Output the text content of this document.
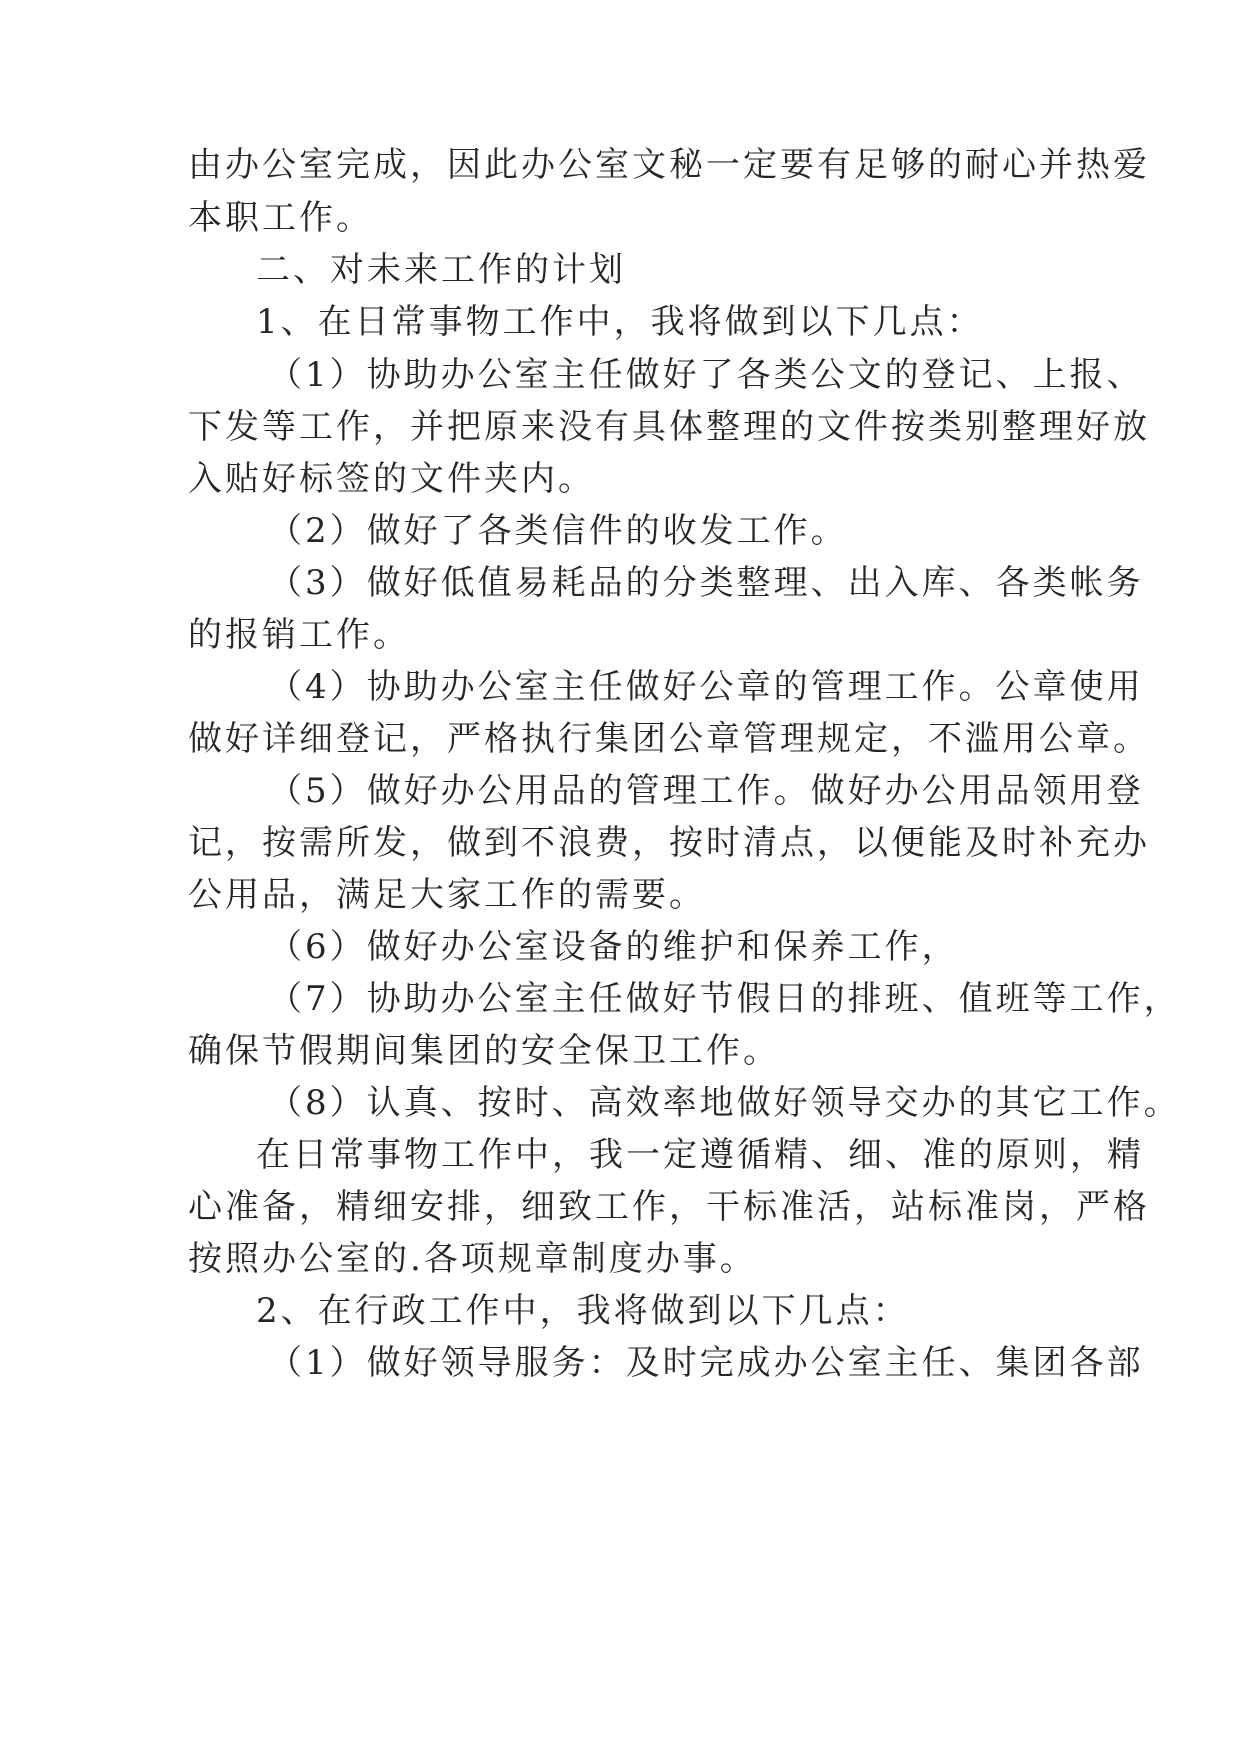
由办公室完成，因此办公室文秘一定要有足够的耐心并热爱
本职工作。
二、对未来工作的计划
1、在日常事物工作中，我将做到以下几点：
（1）协助办公室主任做好了各类公文的登记、上报、
下发等工作，并把原来没有具体整理的文件按类别整理好放
入贴好标签的文件夹内。
（2）做好了各类信件的收发工作。
（3）做好低值易耗品的分类整理、出入库、各类帐务
的报销工作。
（4）协助办公室主任做好公章的管理工作。公章使用
做好详细登记，严格执行集团公章管理规定，不滥用公章。
（5）做好办公用品的管理工作。做好办公用品领用登
记，按需所发，做到不浪费，按时清点，以便能及时补充办
公用品，满足大家工作的需要。
（6）做好办公室设备的维护和保养工作，
（7）协助办公室主任做好节假日的排班、值班等工作，
确保节假期间集团的安全保卫工作。
（8）认真、按时、高效率地做好领导交办的其它工作。
在日常事物工作中，我一定遵循精、细、准的原则，精
心准备，精细安排，细致工作，干标准活，站标准岗，严格
按照办公室的.各项规章制度办事。
2、在行政工作中，我将做到以下几点：
（1）做好领导服务：及时完成办公室主任、集团各部
